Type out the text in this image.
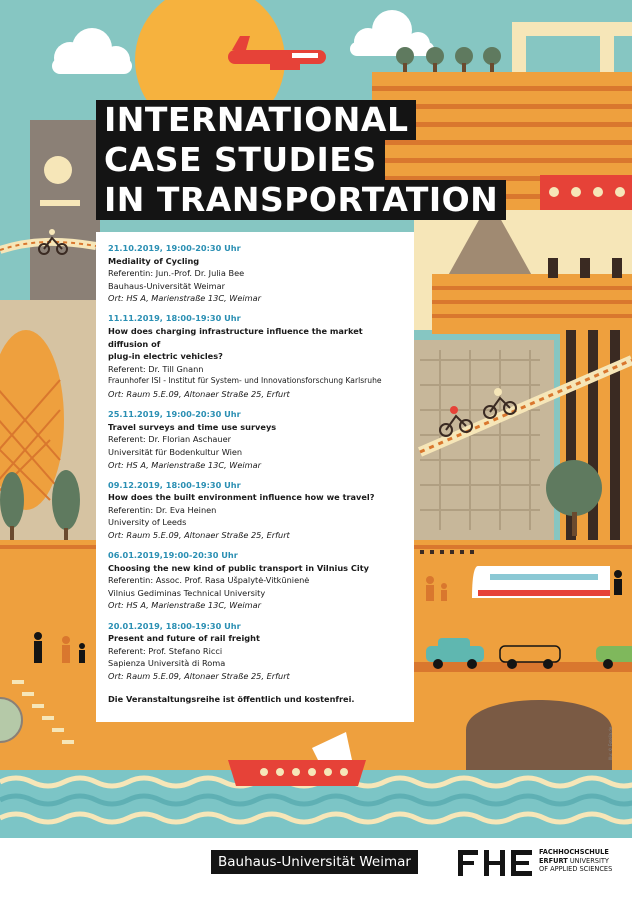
INTERNATIONAL
CASE STUDIES
IN TRANSPORTATION
21.10.2019, 19:00-20:30 Uhr
Mediality of Cycling
Referentin: Jun.-Prof. Dr. Julia Bee
Bauhaus-Universität Weimar
Ort: HS A, Marienstraße 13C, Weimar
11.11.2019, 18:00-19:30 Uhr
How does charging infrastructure influence the market diffusion of
plug-in electric vehicles?
Referent: Dr. Till Gnann
Fraunhofer ISI - Institut für System- und Innovationsforschung Karlsruhe
Ort: Raum 5.E.09, Altonaer Straße 25, Erfurt
25.11.2019, 19:00-20:30 Uhr
Travel surveys and time use surveys
Referent: Dr. Florian Aschauer
Universität für Bodenkultur Wien
Ort: HS A, Marienstraße 13C, Weimar
09.12.2019, 18:00-19:30 Uhr
How does the built environment influence how we travel?
Referentin: Dr. Eva Heinen
University of Leeds
Ort: Raum 5.E.09, Altonaer Straße 25, Erfurt
06.01.2019,19:00-20:30 Uhr
Choosing the new kind of public transport in Vilnius City
Referentin: Assoc. Prof. Rasa Ušpalytė-Vitkūnienė
Vilnius Gediminas Technical University
Ort: HS A, Marienstraße 13C, Weimar
20.01.2019, 18:00-19:30 Uhr
Present and future of rail freight
Referent: Prof. Stefano Ricci
Sapienza Università di Roma
Ort: Raum 5.E.09, Altonaer Straße 25, Erfurt
Die Veranstaltungsreihe ist öffentlich und kostenfrei.
Illu: © Fotolia.de
Bauhaus-Universität Weimar
FHE	FACHHOCHSCHULE
ERFURT UNIVERSITY
OF APPLIED SCIENCES
